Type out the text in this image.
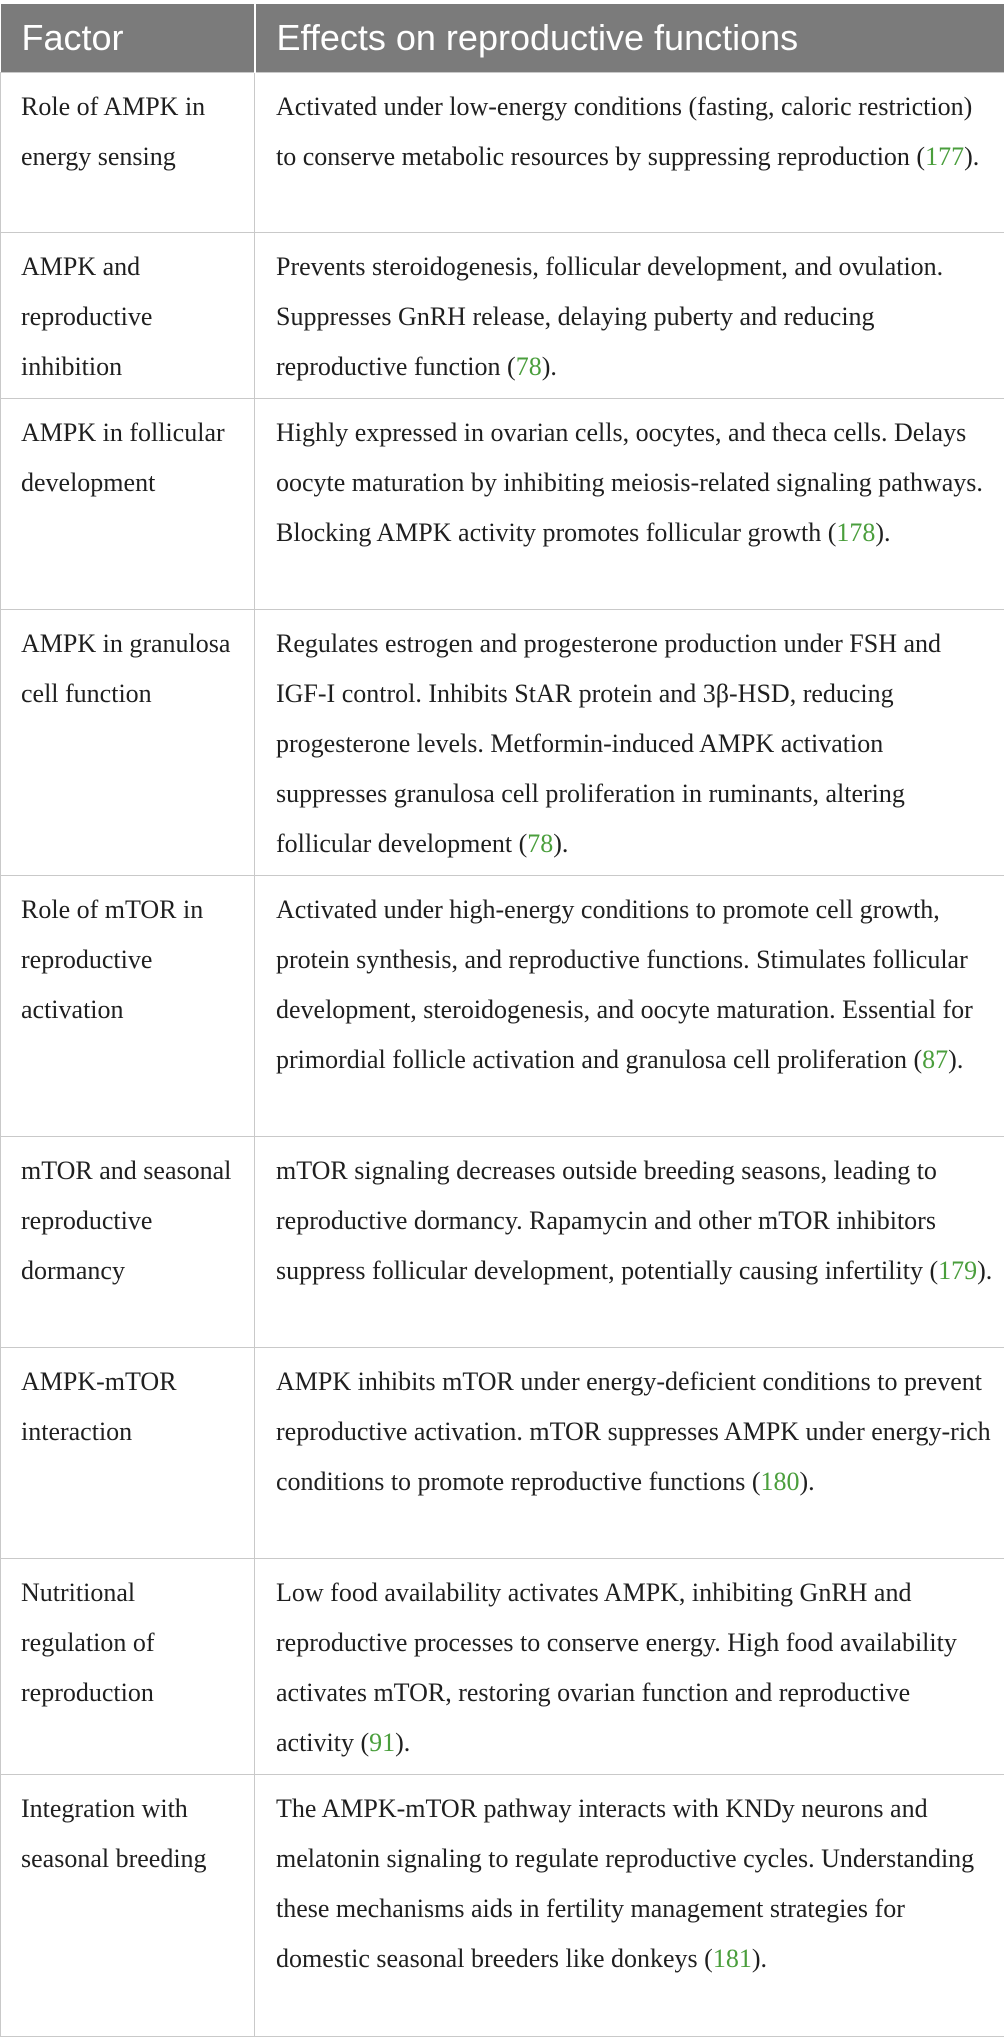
Factor	Effects on reproductive functions
Role of AMPK in energy sensing	Activated under low-energy conditions (fasting, caloric restriction) to conserve metabolic resources by suppressing reproduction (177).
AMPK and reproductive inhibition	Prevents steroidogenesis, follicular development, and ovulation. Suppresses GnRH release, delaying puberty and reducing reproductive function (78).
AMPK in follicular development	Highly expressed in ovarian cells, oocytes, and theca cells. Delays oocyte maturation by inhibiting meiosis-related signaling pathways. Blocking AMPK activity promotes follicular growth (178).
AMPK in granulosa cell function	Regulates estrogen and progesterone production under FSH and IGF-I control. Inhibits StAR protein and 3β-HSD, reducing progesterone levels. Metformin-induced AMPK activation suppresses granulosa cell proliferation in ruminants, altering follicular development (78).
Role of mTOR in reproductive activation	Activated under high-energy conditions to promote cell growth, protein synthesis, and reproductive functions. Stimulates follicular development, steroidogenesis, and oocyte maturation. Essential for primordial follicle activation and granulosa cell proliferation (87).
mTOR and seasonal reproductive dormancy	mTOR signaling decreases outside breeding seasons, leading to reproductive dormancy. Rapamycin and other mTOR inhibitors suppress follicular development, potentially causing infertility (179).
AMPK-mTOR interaction	AMPK inhibits mTOR under energy-deficient conditions to prevent reproductive activation. mTOR suppresses AMPK under energy-rich conditions to promote reproductive functions (180).
Nutritional regulation of reproduction	Low food availability activates AMPK, inhibiting GnRH and reproductive processes to conserve energy. High food availability activates mTOR, restoring ovarian function and reproductive activity (91).
Integration with seasonal breeding	The AMPK-mTOR pathway interacts with KNDy neurons and melatonin signaling to regulate reproductive cycles. Understanding these mechanisms aids in fertility management strategies for domestic seasonal breeders like donkeys (181).
